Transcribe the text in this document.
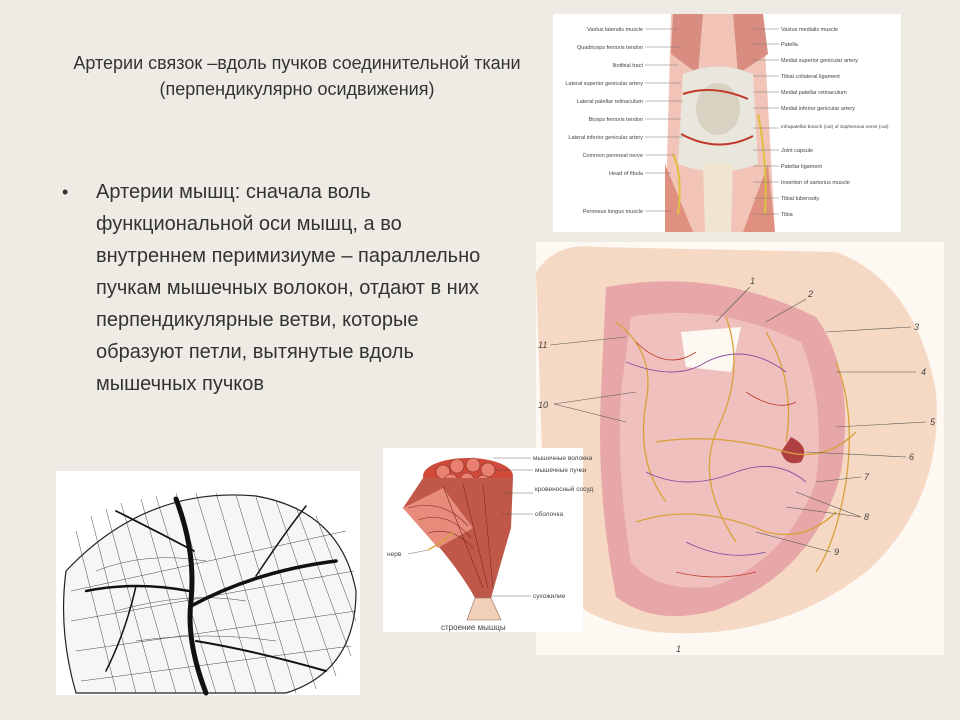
Артерии связок –вдоль пучков соединительной ткани (перпендикулярно осидвижения)
•	Артерии мышц: сначала воль функциональной оси мышц, а во внутреннем перимизиуме – параллельно пучкам мышечных волокон, отдают в них перпендикулярные ветви, которые образуют петли, вытянутые вдоль мышечных пучков
Vastus lateralis muscle
Quadriceps femoris tendon
Iliotibial tract
Lateral superior genicular artery
Lateral patellar retinaculum
Biceps femoris tendon
Lateral inferior genicular artery
Common peroneal nerve
Head of fibula
Peroneus longus muscle
Vastus medialis muscle
Patella
Medial superior genicular artery
Tibial collateral ligament
Medial patellar retinaculum
Medial inferior genicular artery
Infrapatellar branch (cut) of Saphenous nerve (cut)
Joint capsule
Patellar ligament
Insertion of sartorius muscle
Tibial tuberosity
Tibia
11
10
1
2
3
4
5
6
7
8
9
1
мышечные волокна
мышечные пучки
кровеносный сосуд
оболочка
нерв
сухожилие
строение мышцы
